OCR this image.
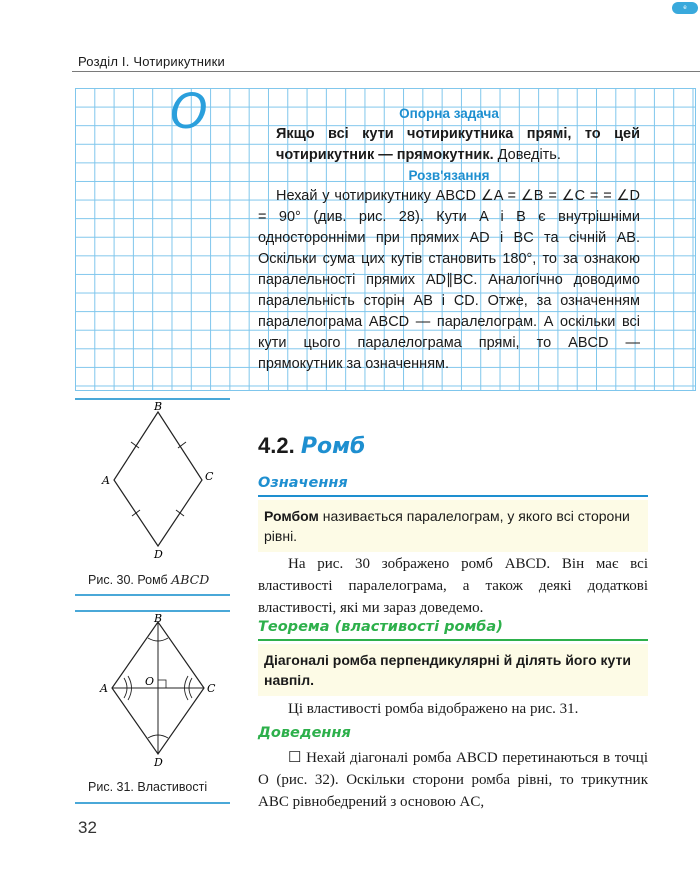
e
Розділ І. Чотирикутники
О	Опорна задача
Якщо всі кути чотирикутника прямі, то цей чотирикутник — прямокутник. Доведіть.
Розв'язання
Нехай у чотирикутнику ABCD ∠A = ∠B = ∠C = = ∠D = 90° (див. рис. 28). Кути A і B є внутрішніми односторонніми при прямих AD і BC та січній AB. Оскільки сума цих кутів становить 180°, то за ознакою паралельності прямих AD∥BC. Аналогічно доводимо паралельність сторін AB і CD. Отже, за означенням паралелограма ABCD — паралелограм. А оскільки всі кути цього паралелограма прямі, то ABCD — прямокутник за означенням.
B
A	C
D
Рис. 30. Ромб ABCD
B
A
O
C
D
Рис. 31. Властивості
4.2. Ромб
Означення
Ромбом називається паралелограм, у якого всі сторони рівні.
На рис. 30 зображено ромб ABCD. Він має всі властивості паралелограма, а також деякі додаткові властивості, які ми зараз доведемо.
Теорема (властивості ромба)
Діагоналі ромба перпендикулярні й ділять його кути навпіл.
Ці властивості ромба відображено на рис. 31.
Доведення
☐ Нехай діагоналі ромба ABCD перетинаються в точці O (рис. 32). Оскільки сторони ромба рівні, то трикутник ABC рівнобедрений з основою AC,
32
